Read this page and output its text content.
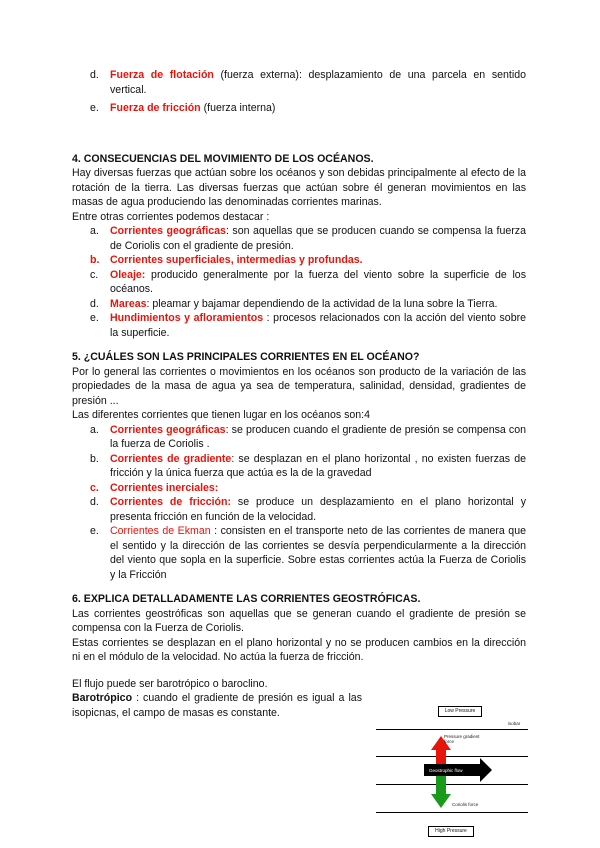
d. Fuerza de flotación (fuerza externa): desplazamiento de una parcela en sentido vertical.
e. Fuerza de fricción (fuerza interna)
4. CONSECUENCIAS DEL MOVIMIENTO DE LOS OCÉANOS.
Hay diversas fuerzas que actúan sobre los océanos y son debidas principalmente al efecto de la rotación de la tierra. Las diversas fuerzas que actúan sobre él generan movimientos en las masas de agua produciendo las denominadas corrientes marinas.
Entre otras corrientes podemos destacar :
a. Corrientes geográficas: son aquellas que se producen cuando se compensa la fuerza de Coriolis con el gradiente de presión.
b. Corrientes superficiales, intermedias y profundas.
c. Oleaje: producido generalmente por la fuerza del viento sobre la superficie de los océanos.
d. Mareas: pleamar y bajamar dependiendo de la actividad de la luna sobre la Tierra.
e. Hundimientos y afloramientos : procesos relacionados con la acción del viento sobre la superficie.
5. ¿CUÁLES SON LAS PRINCIPALES CORRIENTES EN EL OCÉANO?
Por lo general las corrientes o movimientos en los océanos son producto de la variación de las propiedades de la masa de agua ya sea de temperatura, salinidad, densidad, gradientes de presión ...
Las diferentes corrientes que tienen lugar en los océanos son:4
a. Corrientes geográficas: se producen cuando el gradiente de presión se compensa con la fuerza de Coriolis .
b. Corrientes de gradiente: se desplazan en el plano horizontal , no existen fuerzas de fricción y la única fuerza que actúa es la de la gravedad
c. Corrientes inerciales:
d. Corrientes de fricción: se produce un desplazamiento en el plano horizontal y presenta fricción en función de la velocidad.
e. Corrientes de Ekman : consisten en el transporte neto de las corrientes de manera que el sentido y la dirección de las corrientes se desvía perpendicularmente a la dirección del viento que sopla en la superficie. Sobre estas corrientes actúa la Fuerza de Coriolis y la Fricción
6. EXPLICA DETALLADAMENTE LAS CORRIENTES GEOSTRÓFICAS.
Las corrientes geostróficas son aquellas que se generan cuando el gradiente de presión se compensa con la Fuerza de Coriolis.
Estas corrientes se desplazan en el plano horizontal y no se producen cambios en la dirección ni en el módulo de la velocidad. No actúa la fuerza de fricción.
El flujo puede ser barotrópico o baroclino.
Barotrópico : cuando el gradiente de presión es igual a las isopicnas, el campo de masas es constante.	Low Pressure
isobar
Pressure gradient force
Geostrophic flow
Coriolis force
High Pressure
